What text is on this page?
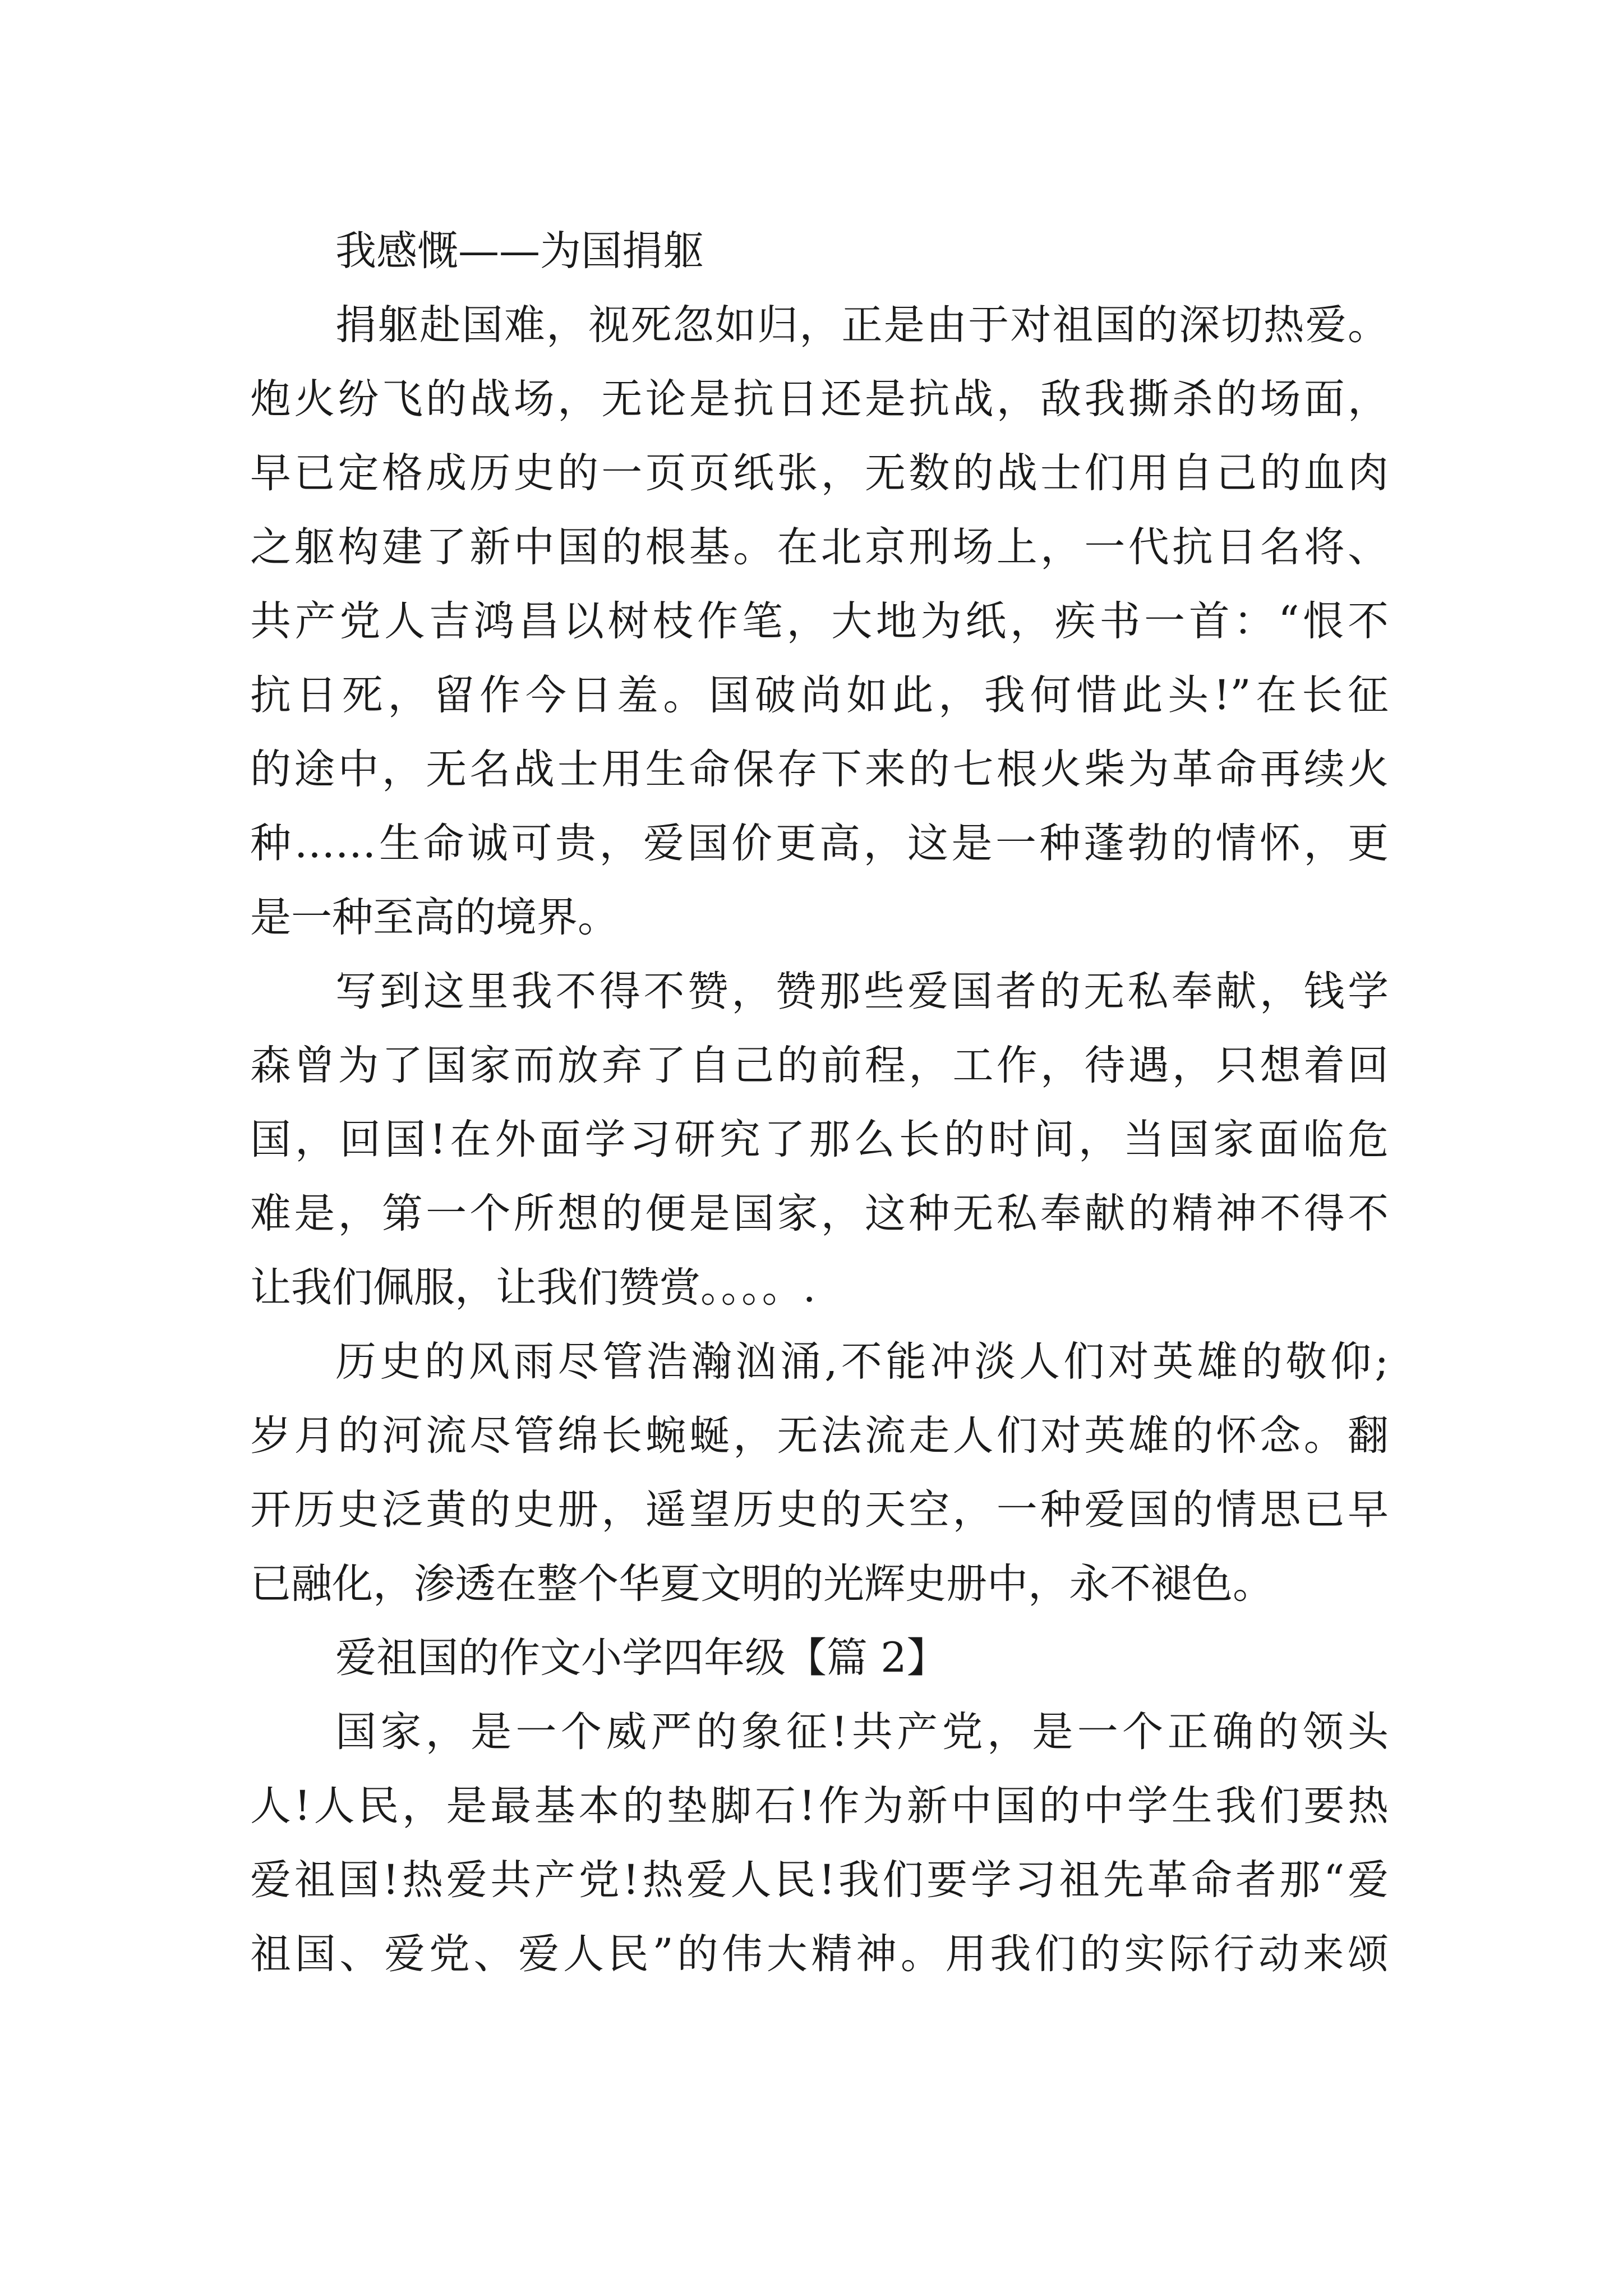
我感慨——为国捐躯
捐躯赴国难，视死忽如归，正是由于对祖国的深切热爱。
炮火纷飞的战场，无论是抗日还是抗战，敌我撕杀的场面，
早已定格成历史的一页页纸张，无数的战士们用自己的血肉
之躯构建了新中国的根基。在北京刑场上，一代抗日名将、
共产党人吉鸿昌以树枝作笔，大地为纸，疾书一首：“恨不
抗日死，留作今日羞。国破尚如此，我何惜此头!”在长征
的途中，无名战士用生命保存下来的七根火柴为革命再续火
种……生命诚可贵，爱国价更高，这是一种蓬勃的情怀，更
是一种至高的境界。
写到这里我不得不赞，赞那些爱国者的无私奉献，钱学
森曾为了国家而放弃了自己的前程，工作，待遇，只想着回
国，回国!在外面学习研究了那么长的时间，当国家面临危
难是，第一个所想的便是国家，这种无私奉献的精神不得不
让我们佩服，让我们赞赏。。。。.
历史的风雨尽管浩瀚汹涌,不能冲淡人们对英雄的敬仰;
岁月的河流尽管绵长蜿蜒，无法流走人们对英雄的怀念。翻
开历史泛黄的史册，遥望历史的天空，一种爱国的情思已早
已融化，渗透在整个华夏文明的光辉史册中，永不褪色。
爱祖国的作文小学四年级【篇 2】
国家，是一个威严的象征!共产党，是一个正确的领头
人!人民，是最基本的垫脚石!作为新中国的中学生我们要热
爱祖国!热爱共产党!热爱人民!我们要学习祖先革命者那“爱
祖国、爱党、爱人民”的伟大精神。用我们的实际行动来颂
